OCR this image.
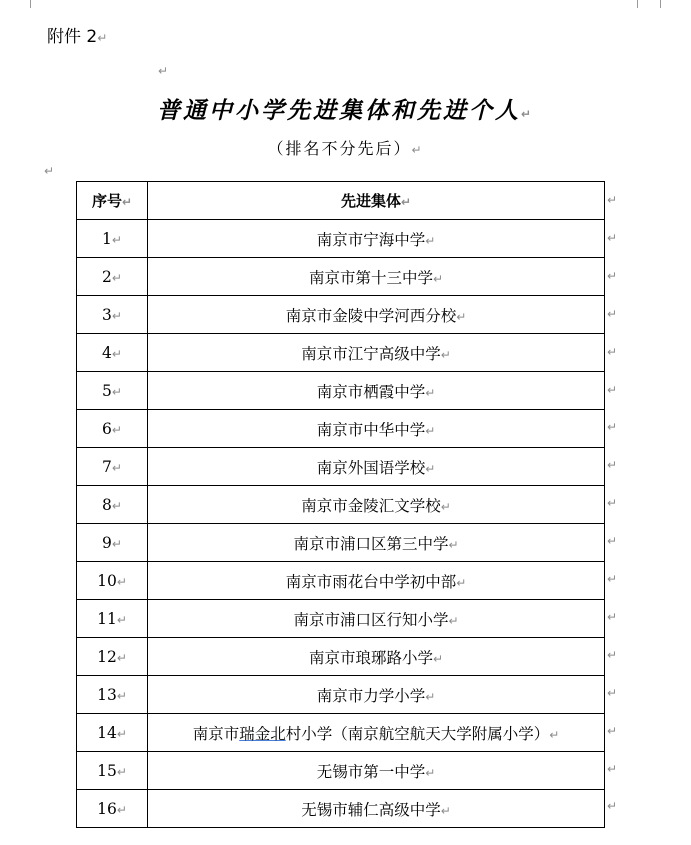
附件 2↵
↵
普通中小学先进集体和先进个人↵
（排名不分先后）↵
↵
序号↵	先进集体↵
1↵	南京市宁海中学↵
2↵	南京市第十三中学↵
3↵	南京市金陵中学河西分校↵
4↵	南京市江宁高级中学↵
5↵	南京市栖霞中学↵
6↵	南京市中华中学↵
7↵	南京外国语学校↵
8↵	南京市金陵汇文学校↵
9↵	南京市浦口区第三中学↵
10↵	南京市雨花台中学初中部↵
11↵	南京市浦口区行知小学↵
12↵	南京市琅琊路小学↵
13↵	南京市力学小学↵
14↵	南京市瑞金北村小学（南京航空航天大学附属小学）↵
15↵	无锡市第一中学↵
16↵	无锡市辅仁高级中学↵
↵
↵
↵
↵
↵
↵
↵
↵
↵
↵
↵
↵
↵
↵
↵
↵
↵
